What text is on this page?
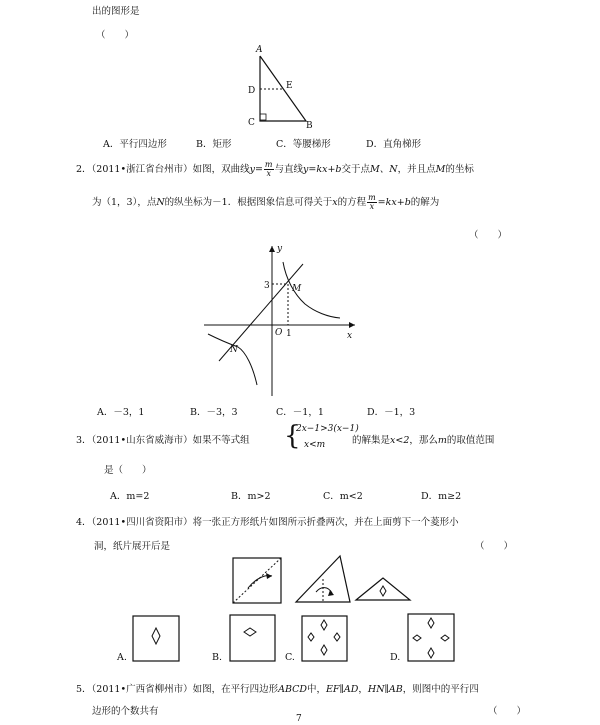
出的图形是
（　　）
A
D	E
C	B
A．平行四边形	B．矩形	C．等腰梯形	D．直角梯形
2．（2011•浙江省台州市）如图，双曲线$y= \frac{m}{x}$ 与直线y=kx+b交于点M、N，并且点M的坐标
为（1，3），点N的纵坐标为－1．根据图象信息可得关于x的方程 $\frac{m}{x} =kx+b$的解为
（　　）
y
x
O 1
3 M
N
A．－3，1	B．－3，3	C．－1，1	D．－1，3
3．（2011•山东省威海市）如果不等式组 {
2x−1>3(x−1)
x<m	的解集是x<2，那么m的取值范围
是（　　）
A．m=2	B．m>2	C．m<2	D．m≥2
4．（2011•四川省资阳市）将一张正方形纸片如图所示折叠两次，并在上面剪下一个菱形小
洞，纸片展开后是	（　　）
A.	B.	C.	D.
5．（2011•广西省柳州市）如图，在平行四边形ABCD中，EF∥AD，HN∥AB，则图中的平行四
边形的个数共有	（　　）
7
